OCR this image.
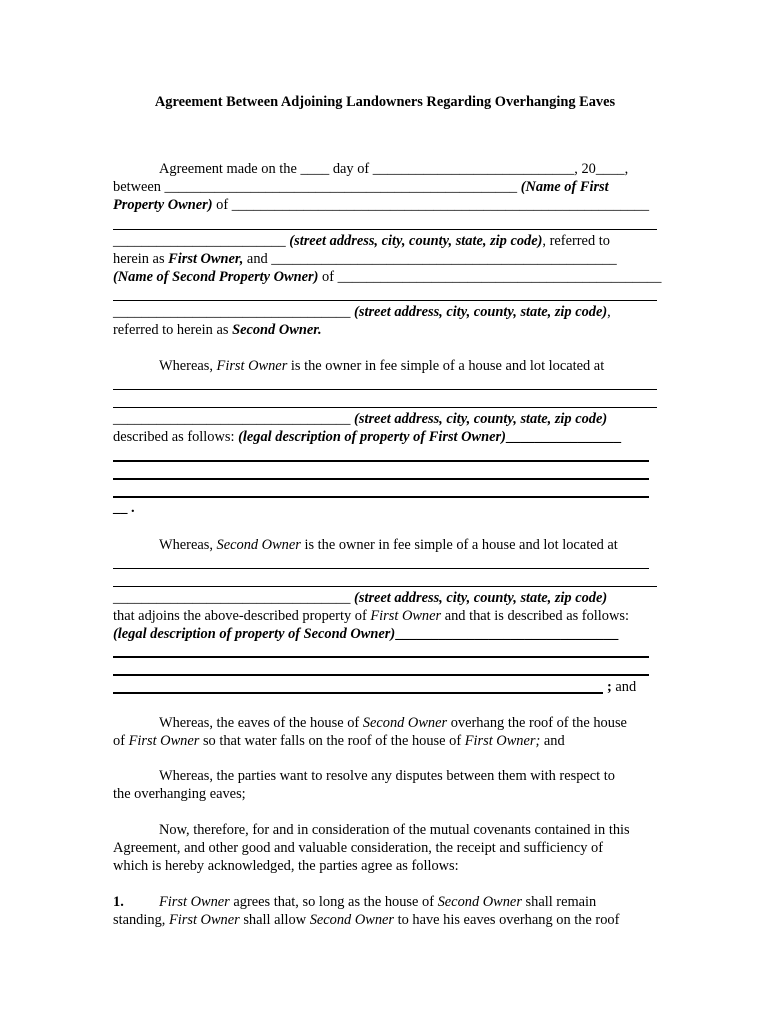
Agreement Between Adjoining Landowners Regarding Overhanging Eaves
Agreement made on the ____ day of ____________________________, 20____,
between _________________________________________________ (Name of First
Property Owner) of __________________________________________________________
________________________ (street address, city, county, state, zip code), referred to
herein as First Owner, and ________________________________________________
(Name of Second Property Owner) of _____________________________________________
_________________________________ (street address, city, county, state, zip code),
referred to herein as Second Owner.
Whereas, First Owner is the owner in fee simple of a house and lot located at
_________________________________ (street address, city, county, state, zip code)
described as follows: (legal description of property of First Owner)________________
__ .
Whereas, Second Owner is the owner in fee simple of a house and lot located at
_________________________________ (street address, city, county, state, zip code)
that adjoins the above-described property of First Owner and that is described as follows:
(legal description of property of Second Owner)_______________________________
; and
Whereas, the eaves of the house of Second Owner overhang the roof of the house
of First Owner so that water falls on the roof of the house of First Owner; and
Whereas, the parties want to resolve any disputes between them with respect to
the overhanging eaves;
Now, therefore, for and in consideration of the mutual covenants contained in this
Agreement, and other good and valuable consideration, the receipt and sufficiency of
which is hereby acknowledged, the parties agree as follows:
1. First Owner agrees that, so long as the house of Second Owner shall remain
standing, First Owner shall allow Second Owner to have his eaves overhang on the roof
